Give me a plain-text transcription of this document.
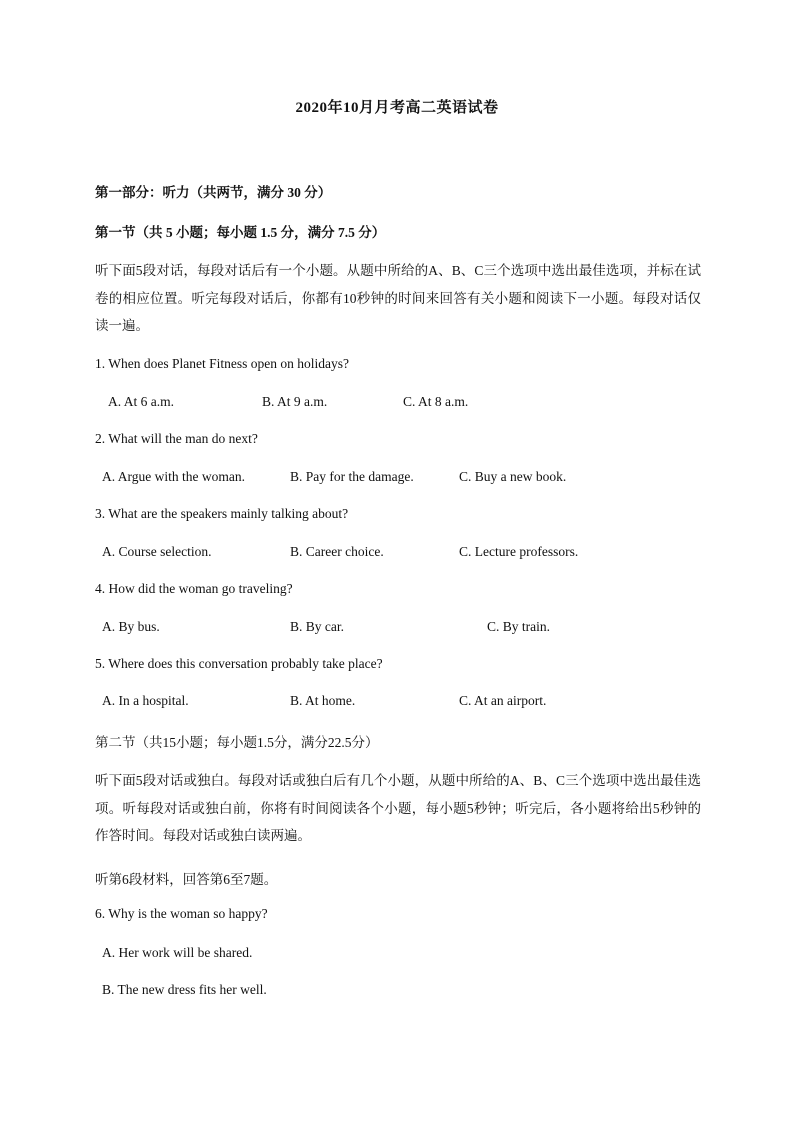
2020年10月月考高二英语试卷
第一部分：听力（共两节，满分 30 分）
第一节（共 5 小题；每小题 1.5 分，满分 7.5 分）
听下面5段对话，每段对话后有一个小题。从题中所给的A、B、C三个选项中选出最佳选项，并标在试卷的相应位置。听完每段对话后，你都有10秒钟的时间来回答有关小题和阅读下一小题。每段对话仅读一遍。
1. When does Planet Fitness open on holidays?
A. At 6 a.m.	B. At 9 a.m.	C. At 8 a.m.
2. What will the man do next?
A. Argue with the woman.	B. Pay for the damage.	C. Buy a new book.
3. What are the speakers mainly talking about?
A. Course selection.	B. Career choice.	C. Lecture professors.
4. How did the woman go traveling?
A. By bus.	B. By car.	C. By train.
5. Where does this conversation probably take place?
A. In a hospital.	B. At home.	C. At an airport.
第二节（共15小题；每小题1.5分，满分22.5分）
听下面5段对话或独白。每段对话或独白后有几个小题，从题中所给的A、B、C三个选项中选出最佳选项。听每段对话或独白前，你将有时间阅读各个小题，每小题5秒钟；听完后，各小题将给出5秒钟的作答时间。每段对话或独白读两遍。
听第6段材料，回答第6至7题。
6. Why is the woman so happy?
A. Her work will be shared.
B. The new dress fits her well.
